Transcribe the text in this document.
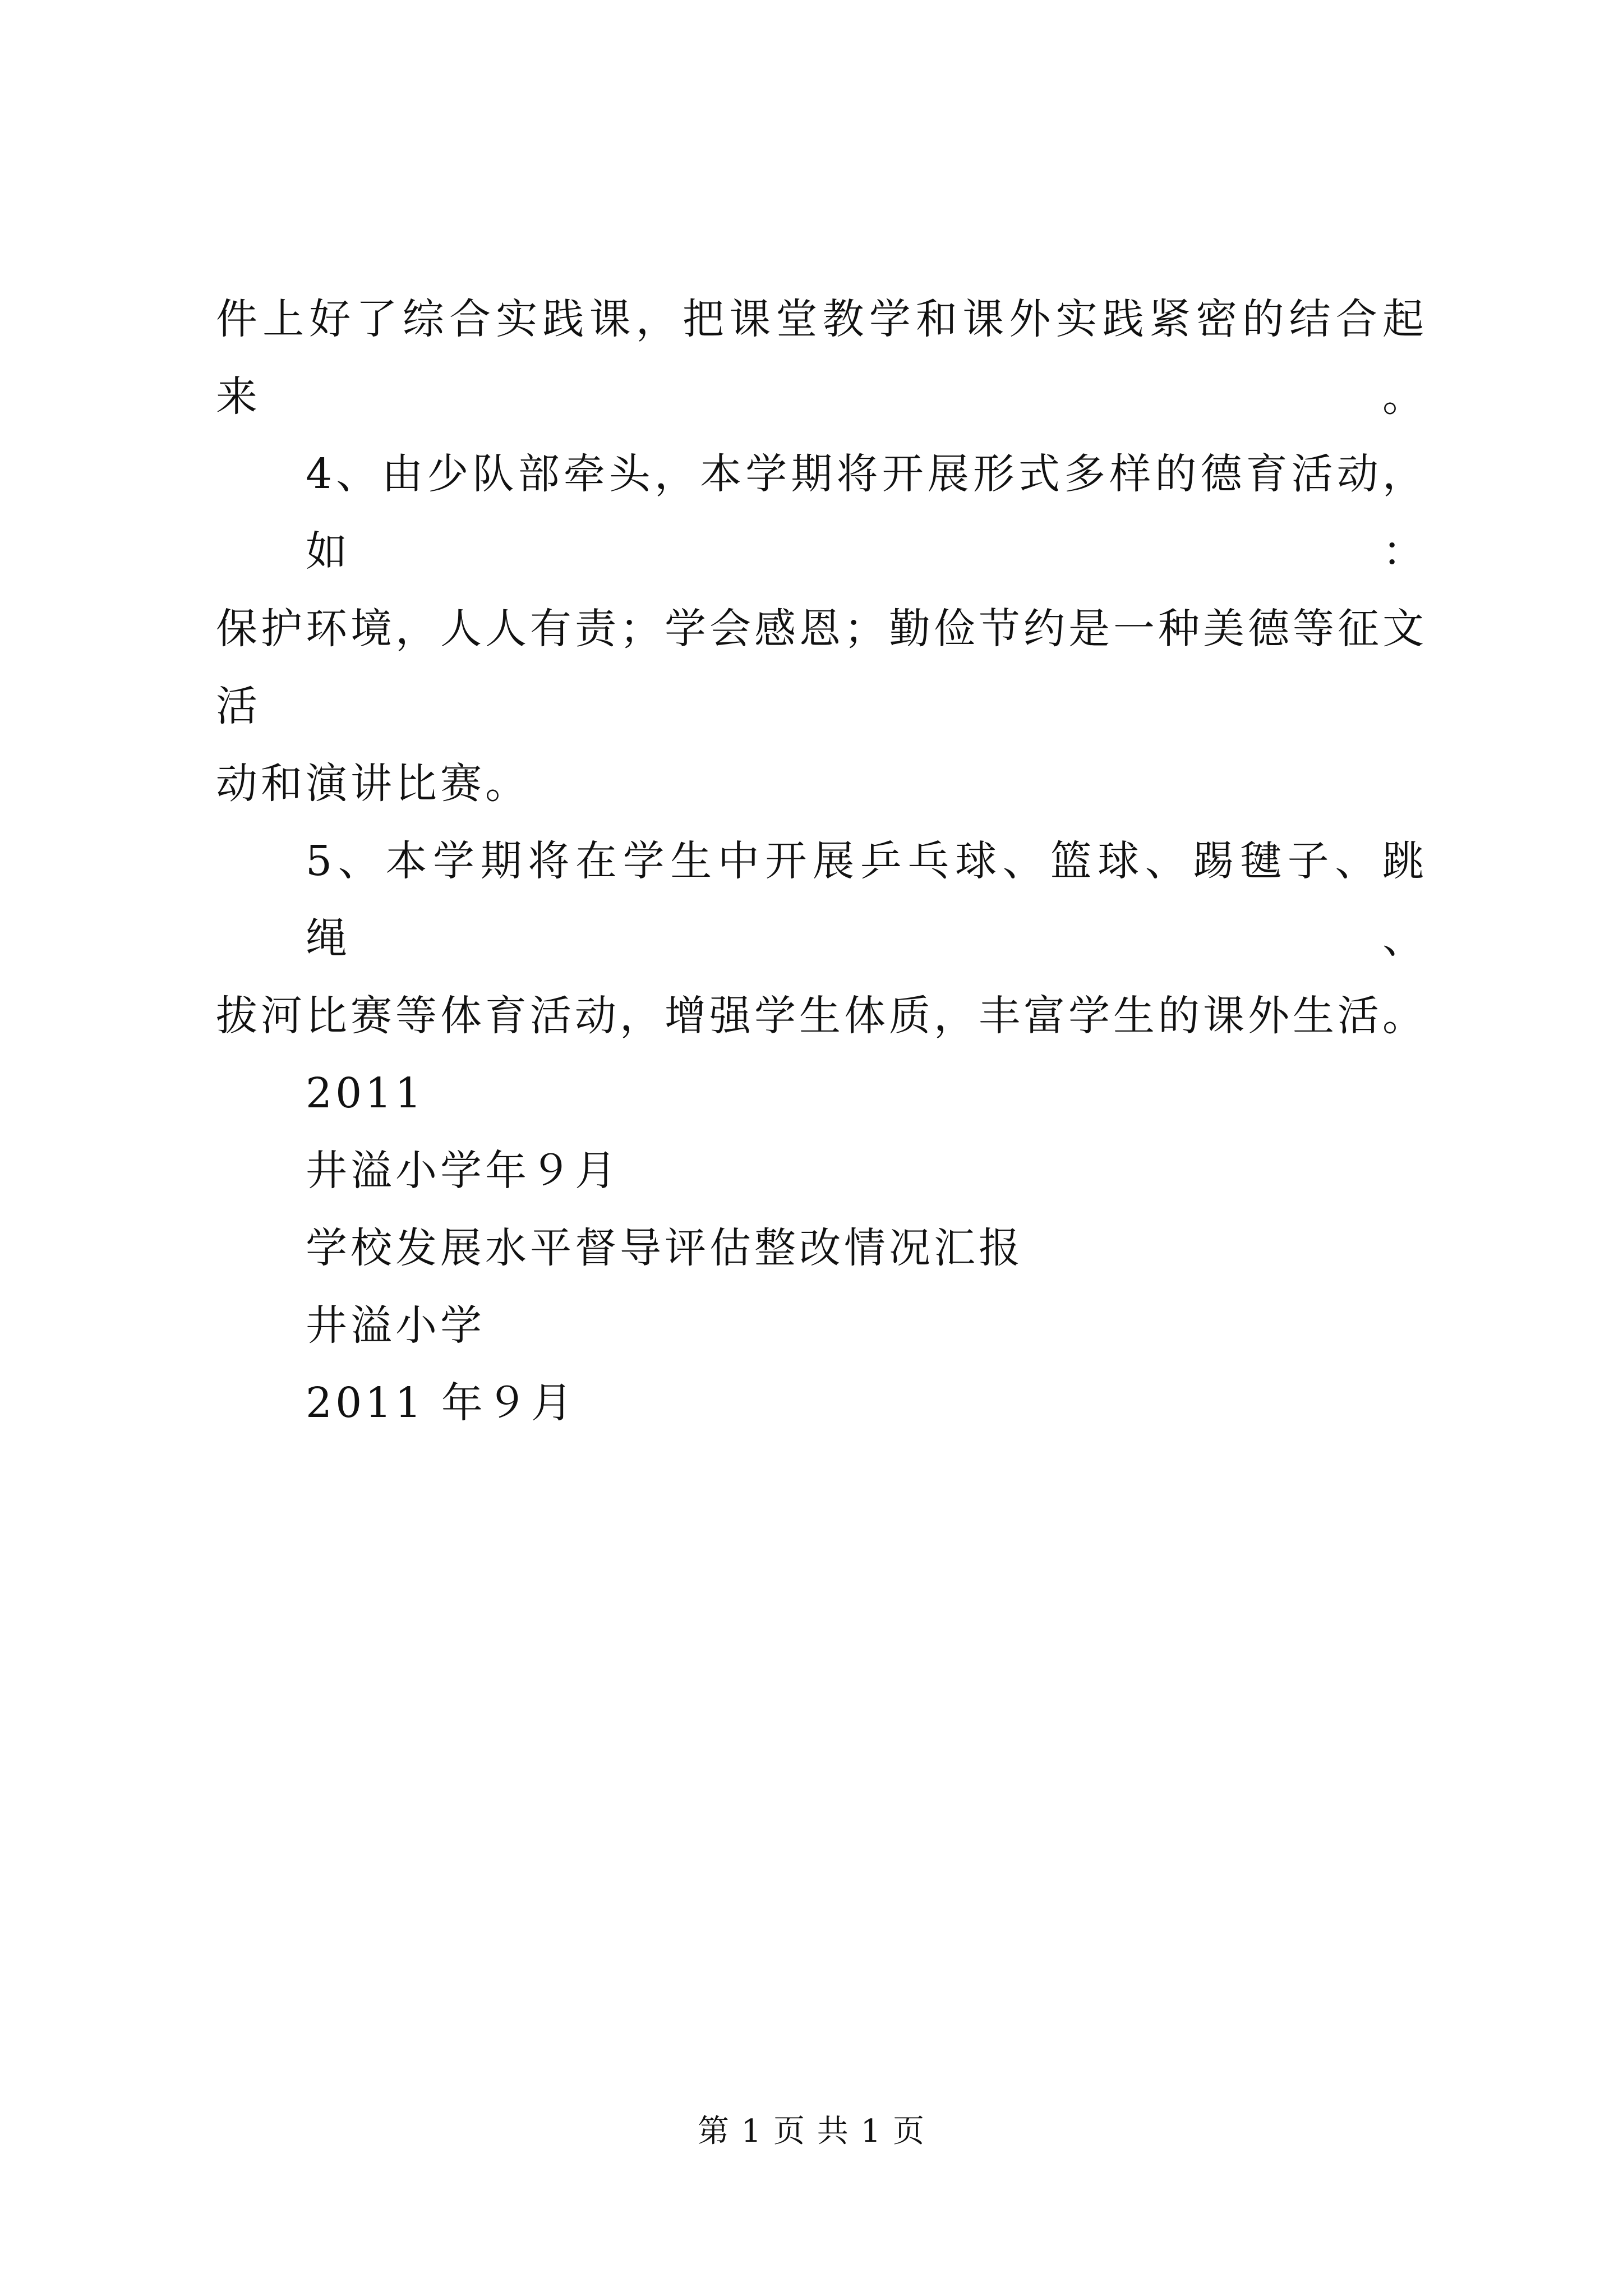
件上好了综合实践课，把课堂教学和课外实践紧密的结合起来。
4、由少队部牵头，本学期将开展形式多样的德育活动，如：
保护环境，人人有责；学会感恩；勤俭节约是一种美德等征文活
动和演讲比赛。
5、本学期将在学生中开展乒乓球、篮球、踢毽子、跳绳、
拔河比赛等体育活动，增强学生体质，丰富学生的课外生活。
2011
井溢小学年９月
学校发展水平督导评估整改情况汇报
井溢小学
2011 年９月
第 1 页 共 1 页
